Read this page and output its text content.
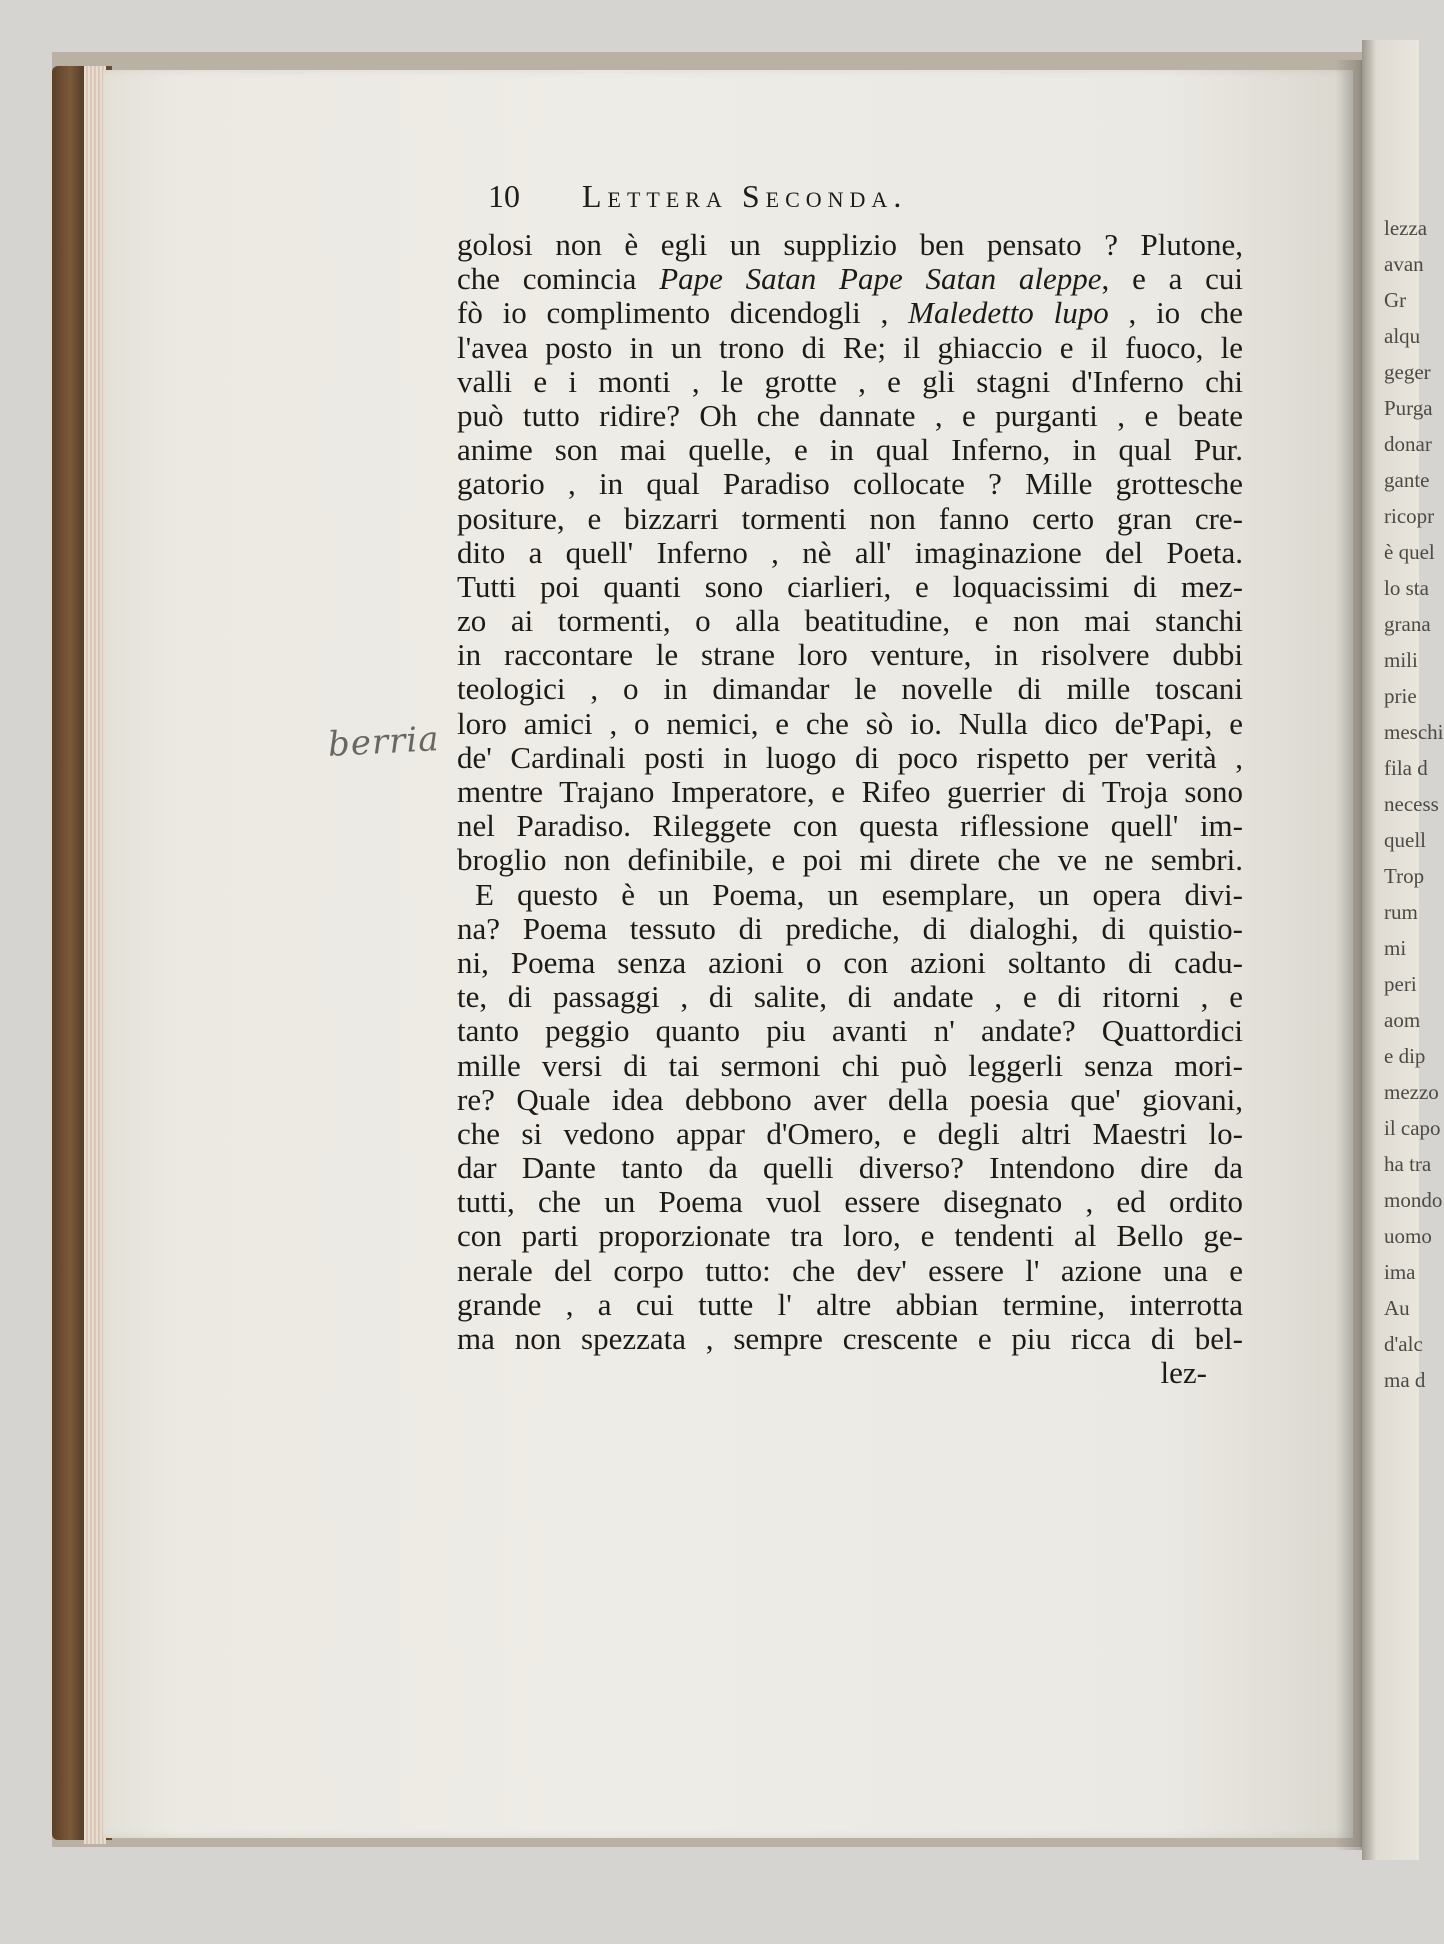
lezza
avan
Gr
alqu
geger
Purga
donar
gante
ricopr
è quel
lo sta
grana
mili
prie
meschi
fila d
necess
quell
Trop
rum
mi
peri
aom
e dip
mezzo
il capo
ha tra
mondo
uomo
ima
Au
d'alc
ma d
10 Lettera Seconda.
golosi non è egli un supplizio ben pensato ? Plutone,
che comincia Pape Satan Pape Satan aleppe, e a cui
fò io complimento dicendogli , Maledetto lupo , io che
l'avea posto in un trono di Re; il ghiaccio e il fuoco, le
valli e i monti , le grotte , e gli stagni d'Inferno chi
può tutto ridire? Oh che dannate , e purganti , e beate
anime son mai quelle, e in qual Inferno, in qual Pur.
gatorio , in qual Paradiso collocate ? Mille grottesche
positure, e bizzarri tormenti non fanno certo gran cre-
dito a quell' Inferno , nè all' imaginazione del Poeta.
Tutti poi quanti sono ciarlieri, e loquacissimi di mez-
zo ai tormenti, o alla beatitudine, e non mai stanchi
in raccontare le strane loro venture, in risolvere dubbi
teologici , o in dimandar le novelle di mille toscani
loro amici , o nemici, e che sò io. Nulla dico de'Papi, e
de' Cardinali posti in luogo di poco rispetto per verità ,
mentre Trajano Imperatore, e Rifeo guerrier di Troja sono
nel Paradiso. Rileggete con questa riflessione quell' im-
broglio non definibile, e poi mi direte che ve ne sembri.
E questo è un Poema, un esemplare, un opera divi-
na? Poema tessuto di prediche, di dialoghi, di quistio-
ni, Poema senza azioni o con azioni soltanto di cadu-
te, di passaggi , di salite, di andate , e di ritorni , e
tanto peggio quanto piu avanti n' andate? Quattordici
mille versi di tai sermoni chi può leggerli senza mori-
re? Quale idea debbono aver della poesia que' giovani,
che si vedono appar d'Omero, e degli altri Maestri lo-
dar Dante tanto da quelli diverso? Intendono dire da
tutti, che un Poema vuol essere disegnato , ed ordito
con parti proporzionate tra loro, e tendenti al Bello ge-
nerale del corpo tutto: che dev' essere l' azione una e
grande , a cui tutte l' altre abbian termine, interrotta
ma non spezzata , sempre crescente e piu ricca di bel-
lez-
berria
